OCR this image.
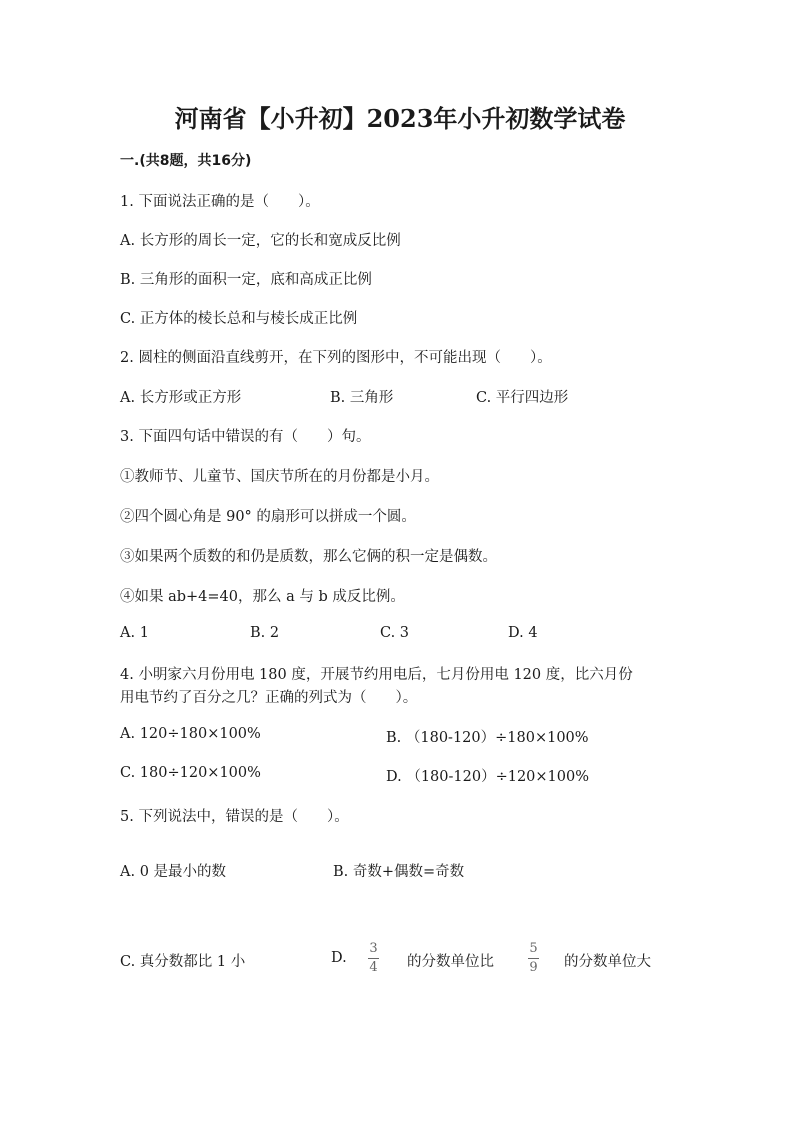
河南省【小升初】2023年小升初数学试卷
一.(共8题，共16分)
1. 下面说法正确的是（　　）。
A. 长方形的周长一定，它的长和宽成反比例
B. 三角形的面积一定，底和高成正比例
C. 正方体的棱长总和与棱长成正比例
2. 圆柱的侧面沿直线剪开，在下列的图形中，不可能出现（　　）。
A. 长方形或正方形	B. 三角形	C. 平行四边形
3. 下面四句话中错误的有（　　）句。
①教师节、儿童节、国庆节所在的月份都是小月。
②四个圆心角是 90° 的扇形可以拼成一个圆。
③如果两个质数的和仍是质数，那么它俩的积一定是偶数。
④如果 ab+4=40，那么 a 与 b 成反比例。
A. 1	B. 2	C. 3	D. 4
4. 小明家六月份用电 180 度，开展节约用电后，七月份用电 120 度，比六月份
用电节约了百分之几？正确的列式为（　　）。
A. 120÷180×100%	B. （180-120）÷180×100%
C. 180÷120×100%	D. （180-120）÷120×100%
5. 下列说法中，错误的是（　　）。
A. 0 是最小的数	B. 奇数+偶数=奇数
C. 真分数都比 1 小	D.
3
4 的分数单位比
5
9 的分数单位大
